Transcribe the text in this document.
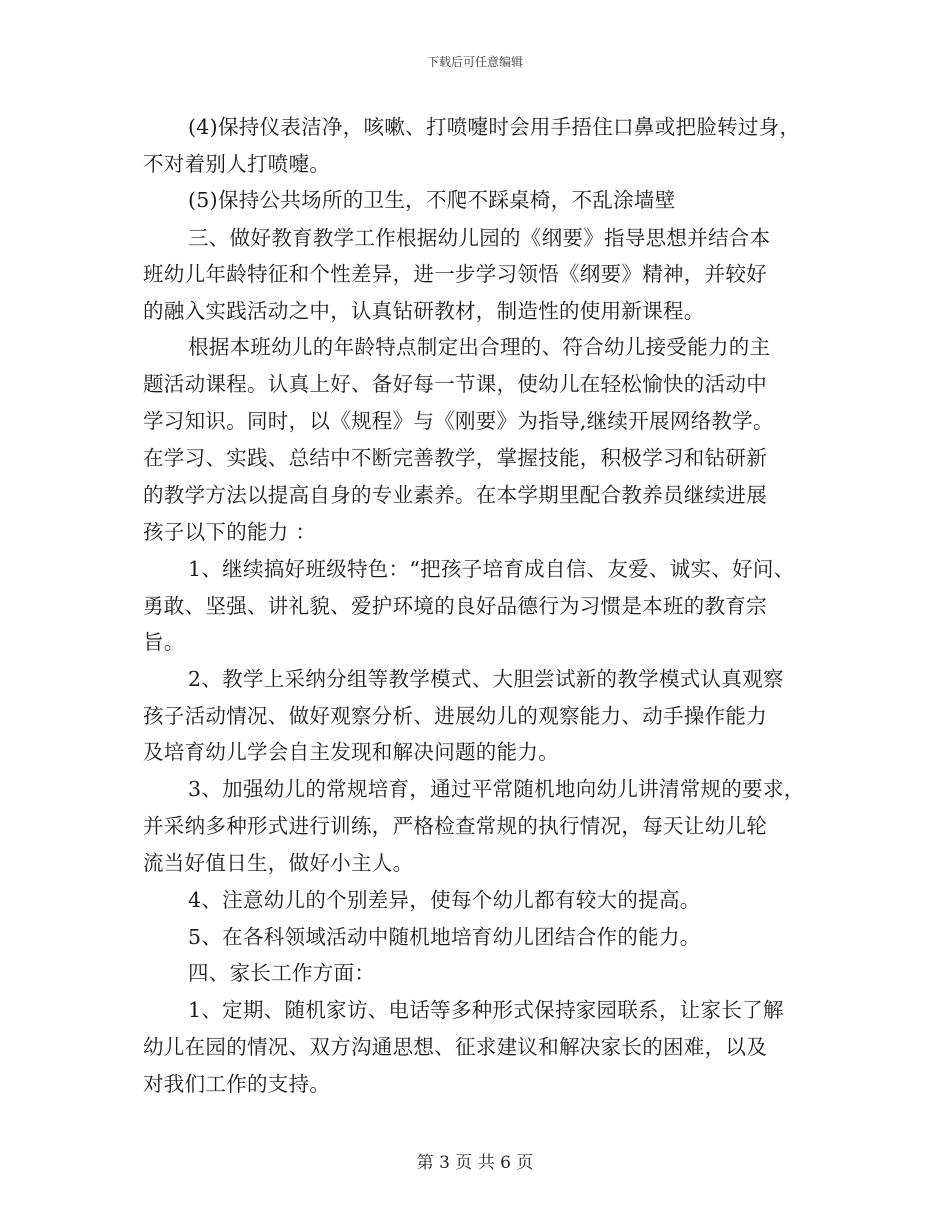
下载后可任意编辑
(4)保持仪表洁净，咳嗽、打喷嚏时会用手捂住口鼻或把脸转过身，
不对着别人打喷嚏。
(5)保持公共场所的卫生，不爬不踩桌椅，不乱涂墙壁
三、做好教育教学工作根据幼儿园的《纲要》指导思想并结合本
班幼儿年龄特征和个性差异，进一步学习领悟《纲要》精神，并较好
的融入实践活动之中，认真钻研教材，制造性的使用新课程。
根据本班幼儿的年龄特点制定出合理的、符合幼儿接受能力的主
题活动课程。认真上好、备好每一节课，使幼儿在轻松愉快的活动中
学习知识。同时，以《规程》与《刚要》为指导,继续开展网络教学。
在学习、实践、总结中不断完善教学，掌握技能，积极学习和钻研新
的教学方法以提高自身的专业素养。在本学期里配合教养员继续进展
孩子以下的能力 ：
1、继续搞好班级特色：“把孩子培育成自信、友爱、诚实、好问、
勇敢、坚强、讲礼貌、爱护环境的良好品德行为习惯是本班的教育宗
旨。
2、教学上采纳分组等教学模式、大胆尝试新的教学模式认真观察
孩子活动情况、做好观察分析、进展幼儿的观察能力、动手操作能力
及培育幼儿学会自主发现和解决问题的能力。
3、加强幼儿的常规培育，通过平常随机地向幼儿讲清常规的要求，
并采纳多种形式进行训练，严格检查常规的执行情况，每天让幼儿轮
流当好值日生，做好小主人。
4、注意幼儿的个别差异，使每个幼儿都有较大的提高。
5、在各科领域活动中随机地培育幼儿团结合作的能力。
四、家长工作方面：
1、定期、随机家访、电话等多种形式保持家园联系，让家长了解
幼儿在园的情况、双方沟通思想、征求建议和解决家长的困难，以及
对我们工作的支持。
第 3 页 共 6 页
